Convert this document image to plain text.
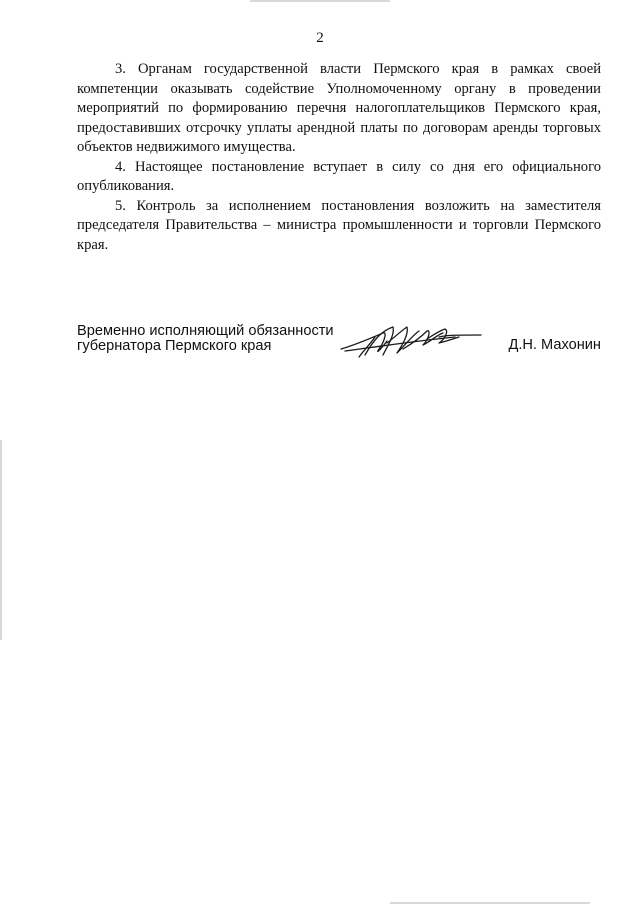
2

3. Органам государственной власти Пермского края в рамках своей компетенции оказывать содействие Уполномоченному органу в проведении мероприятий по формированию перечня налогоплательщиков Пермского края, предоставивших отсрочку уплаты арендной платы по договорам аренды торговых объектов недвижимого имущества.

4. Настоящее постановление вступает в силу со дня его официального опубликования.

5. Контроль за исполнением постановления возложить на заместителя председателя Правительства – министра промышленности и торговли Пермского края.

Временно исполняющий обязанности
губернатора Пермского края	Д.Н. Махонин
